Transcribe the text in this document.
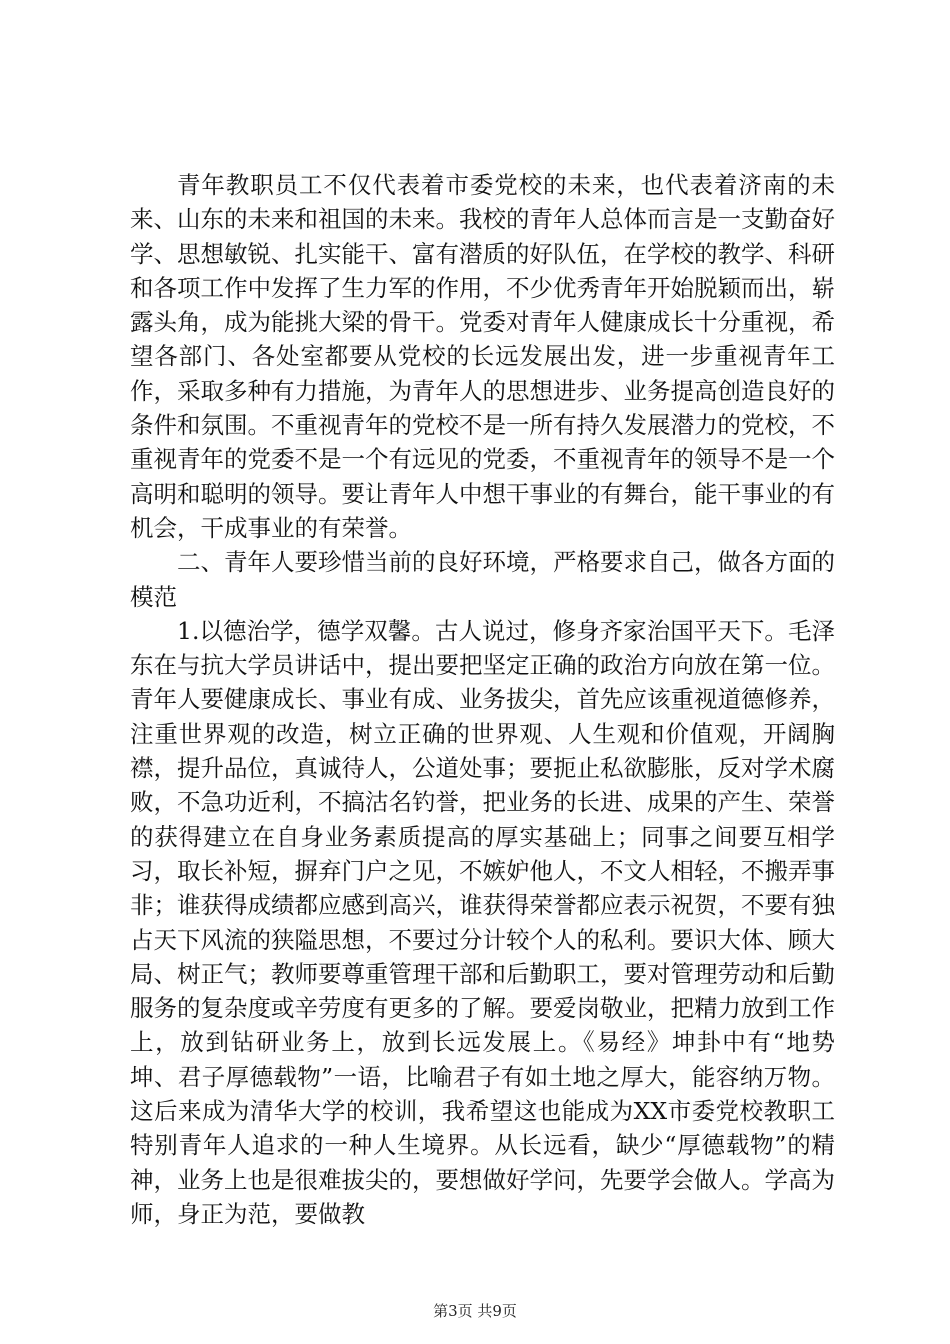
青年教职员工不仅代表着市委党校的未来，也代表着济南的未来、山东的未来和祖国的未来。我校的青年人总体而言是一支勤奋好学、思想敏锐、扎实能干、富有潜质的好队伍，在学校的教学、科研和各项工作中发挥了生力军的作用，不少优秀青年开始脱颖而出，崭露头角，成为能挑大梁的骨干。党委对青年人健康成长十分重视，希望各部门、各处室都要从党校的长远发展出发，进一步重视青年工作，采取多种有力措施，为青年人的思想进步、业务提高创造良好的条件和氛围。不重视青年的党校不是一所有持久发展潜力的党校，不重视青年的党委不是一个有远见的党委，不重视青年的领导不是一个高明和聪明的领导。要让青年人中想干事业的有舞台，能干事业的有机会，干成事业的有荣誉。

二、青年人要珍惜当前的良好环境，严格要求自己，做各方面的模范

1.以德治学，德学双馨。古人说过，修身齐家治国平天下。毛泽东在与抗大学员讲话中，提出要把坚定正确的政治方向放在第一位。青年人要健康成长、事业有成、业务拔尖，首先应该重视道德修养，注重世界观的改造，树立正确的世界观、人生观和价值观，开阔胸襟，提升品位，真诚待人，公道处事；要扼止私欲膨胀，反对学术腐败，不急功近利，不搞沽名钓誉，把业务的长进、成果的产生、荣誉的获得建立在自身业务素质提高的厚实基础上；同事之间要互相学习，取长补短，摒弃门户之见，不嫉妒他人，不文人相轻，不搬弄事非；谁获得成绩都应感到高兴，谁获得荣誉都应表示祝贺，不要有独占天下风流的狭隘思想，不要过分计较个人的私利。要识大体、顾大局、树正气；教师要尊重管理干部和后勤职工，要对管理劳动和后勤服务的复杂度或辛劳度有更多的了解。要爱岗敬业，把精力放到工作上，放到钻研业务上，放到长远发展上。《易经》坤卦中有“地势坤、君子厚德载物”一语，比喻君子有如土地之厚大，能容纳万物。这后来成为清华大学的校训，我希望这也能成为XX市委党校教职工特别青年人追求的一种人生境界。从长远看，缺少“厚德载物”的精神，业务上也是很难拔尖的，要想做好学问，先要学会做人。学高为师，身正为范，要做教

第3页 共9页
